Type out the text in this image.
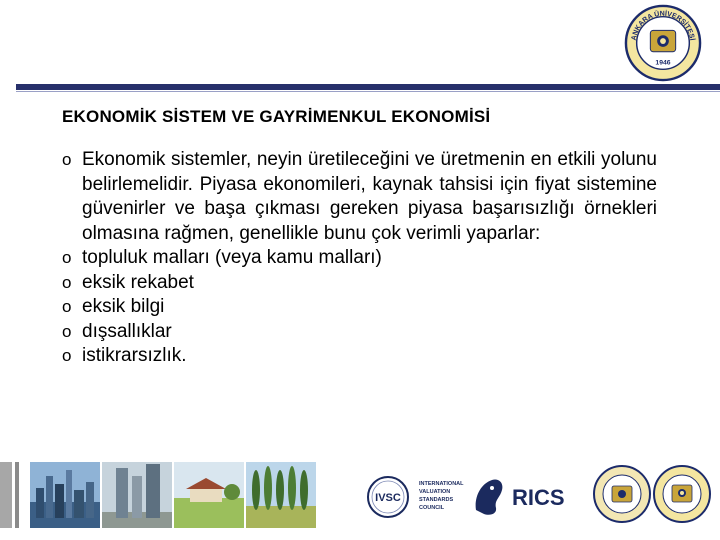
ANKARA ÜNİVERSİTESİ
1946
EKONOMİK SİSTEM VE GAYRİMENKUL EKONOMİSİ
o Ekonomik sistemler, neyin üretileceğini ve üretmenin en etkili yolunu belirlemelidir. Piyasa ekonomileri, kaynak tahsisi için fiyat sistemine güvenirler ve başa çıkması gereken piyasa başarısızlığı örnekleri olmasına rağmen, genellikle bunu çok verimli yaparlar:
o topluluk malları (veya kamu malları)
o eksik rekabet
o eksik bilgi
o dışsallıklar
o istikrarsızlık.
IVSC
INTERNATIONAL
VALUATION
STANDARDS
COUNCIL	RICS
